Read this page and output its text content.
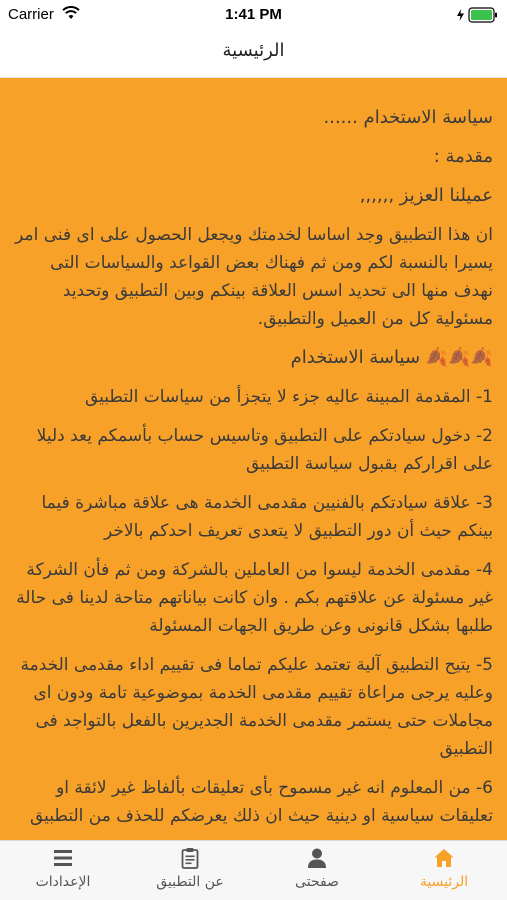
Carrier	1:41 PM
الرئيسية
سياسة الاستخدام ......
مقدمة :
عميلنا العزيز ,,,,,,
ان هذا التطبيق وجد اساسا لخدمتك ويجعل الحصول على اى فنى امر يسيرا بالنسبة لكم ومن ثم فهناك بعض القواعد والسياسات التى نهدف منها الى تحديد اسس العلاقة بينكم وبين التطبيق وتحديد مسئولية كل من العميل والتطبيق.
🍂🍂🍂 سياسة الاستخدام
1- المقدمة المبينة عاليه جزء لا يتجزأ من سياسات التطبيق
2- دخول سيادتكم على التطبيق وتاسيس حساب بأسمكم يعد دليلا على اقراركم بقبول سياسة التطبيق
3- علاقة سيادتكم بالفنيين مقدمى الخدمة هى علاقة مباشرة فيما بينكم حيث أن دور التطبيق لا يتعدى تعريف احدكم بالاخر
4- مقدمى الخدمة ليسوا من العاملين بالشركة ومن ثم فأن الشركة غير مسئولة عن علاقتهم بكم . وان كانت بياناتهم متاحة لدينا فى حالة طلبها بشكل قانونى وعن طريق الجهات المسئولة
5- يتيح التطبيق آلية تعتمد عليكم تماما فى تقييم اداء مقدمى الخدمة وعليه يرجى مراعاة تقييم مقدمى الخدمة بموضوعية تامة ودون اى مجاملات حتى يستمر مقدمى الخدمة الجديرين بالفعل بالتواجد فى التطبيق
6- من المعلوم انه غير مسموح بأى تعليقات بألفاظ غير لائقة او تعليقات سياسية او دينية حيث ان ذلك يعرضكم للحذف من التطبيق
الإعدادات	عن التطبيق	صفحتى	الرئيسية
